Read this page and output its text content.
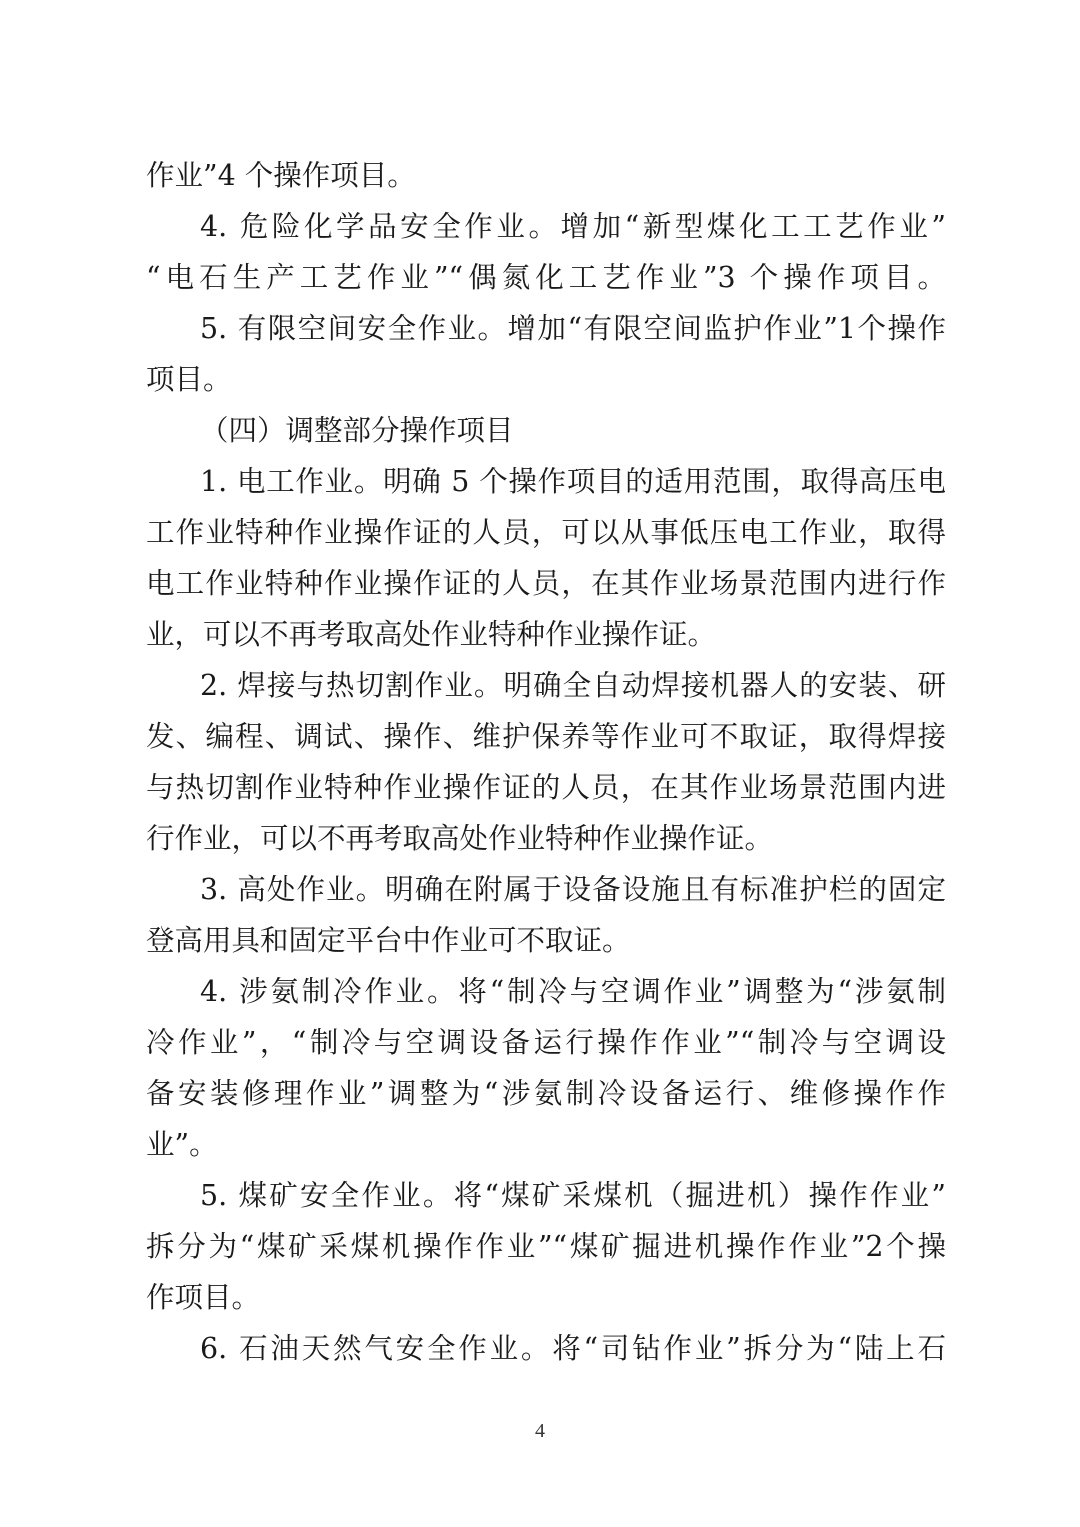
作业”4 个操作项目。
4. 危险化学品安全作业。增加“新型煤化工工艺作业”
“电石生产工艺作业”“偶氮化工艺作业”3 个操作项目。
5. 有限空间安全作业。增加“有限空间监护作业”1个操作
项目。
（四）调整部分操作项目
1. 电工作业。明确 5 个操作项目的适用范围，取得高压电
工作业特种作业操作证的人员，可以从事低压电工作业，取得
电工作业特种作业操作证的人员，在其作业场景范围内进行作
业，可以不再考取高处作业特种作业操作证。
2. 焊接与热切割作业。明确全自动焊接机器人的安装、研
发、编程、调试、操作、维护保养等作业可不取证，取得焊接
与热切割作业特种作业操作证的人员，在其作业场景范围内进
行作业，可以不再考取高处作业特种作业操作证。
3. 高处作业。明确在附属于设备设施且有标准护栏的固定
登高用具和固定平台中作业可不取证。
4. 涉氨制冷作业。将“制冷与空调作业”调整为“涉氨制
冷作业”，“制冷与空调设备运行操作作业”“制冷与空调设
备安装修理作业”调整为“涉氨制冷设备运行、维修操作作
业”。
5. 煤矿安全作业。将“煤矿采煤机（掘进机）操作作业”
拆分为“煤矿采煤机操作作业”“煤矿掘进机操作作业”2个操
作项目。
6. 石油天然气安全作业。将“司钻作业”拆分为“陆上石
4
